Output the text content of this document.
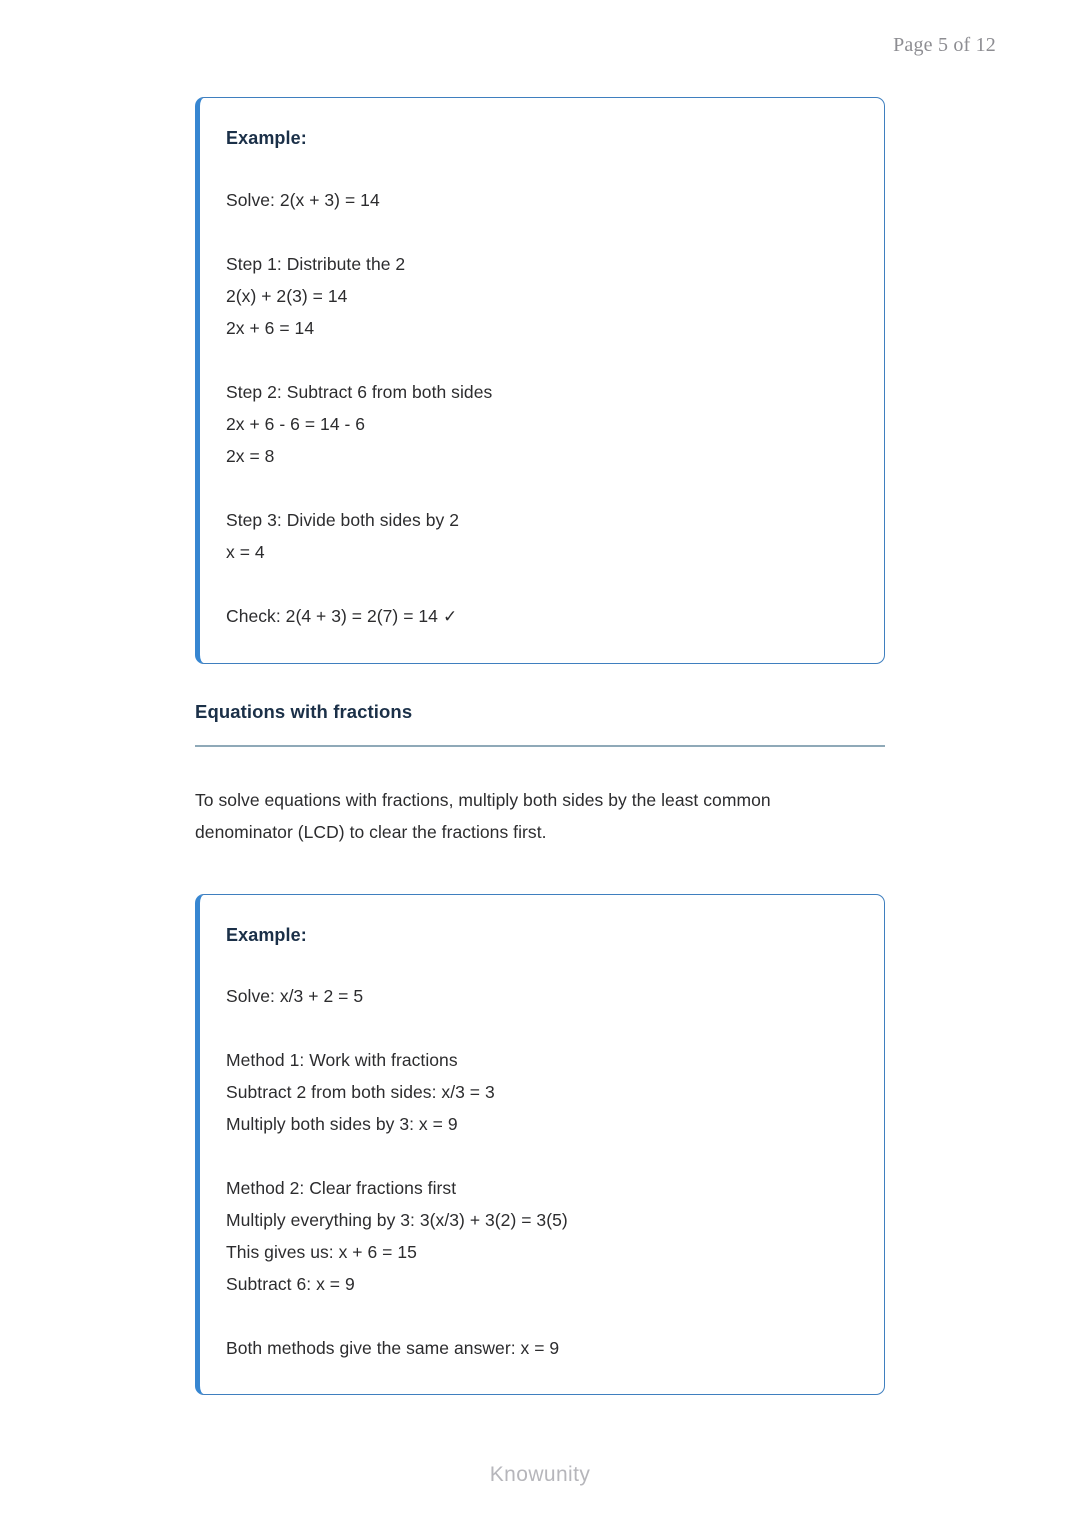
Page 5 of 12
Example:
Solve: 2(x + 3) = 14
Step 1: Distribute the 2
2(x) + 2(3) = 14
2x + 6 = 14
Step 2: Subtract 6 from both sides
2x + 6 - 6 = 14 - 6
2x = 8
Step 3: Divide both sides by 2
x = 4
Check: 2(4 + 3) = 2(7) = 14 ✓
Equations with fractions
To solve equations with fractions, multiply both sides by the least common denominator (LCD) to clear the fractions first.
Example:
Solve: x/3 + 2 = 5
Method 1: Work with fractions
Subtract 2 from both sides: x/3 = 3
Multiply both sides by 3: x = 9
Method 2: Clear fractions first
Multiply everything by 3: 3(x/3) + 3(2) = 3(5)
This gives us: x + 6 = 15
Subtract 6: x = 9
Both methods give the same answer: x = 9
Knowunity
